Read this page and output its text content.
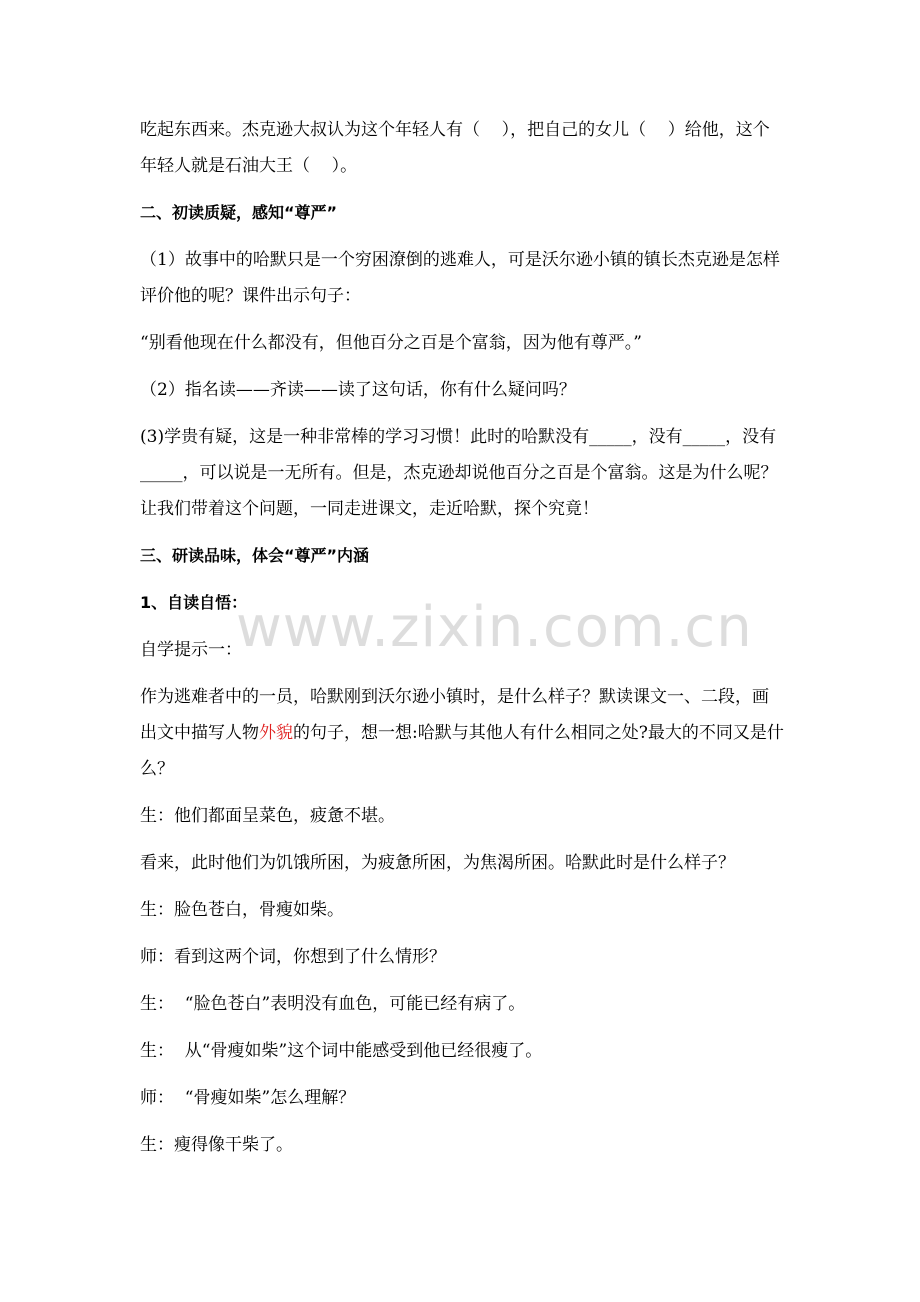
吃起东西来。杰克逊大叔认为这个年轻人有（    ），把自己的女儿（    ）给他，这个年轻人就是石油大王（    ）。

二、初读质疑，感知“尊严”

（1）故事中的哈默只是一个穷困潦倒的逃难人，可是沃尔逊小镇的镇长杰克逊是怎样评价他的呢？课件出示句子：

“别看他现在什么都没有，但他百分之百是个富翁，因为他有尊严。”

（2）指名读——齐读——读了这句话，你有什么疑问吗？

(3)学贵有疑，这是一种非常棒的学习习惯！此时的哈默没有_____，没有_____，没有_____，可以说是一无所有。但是，杰克逊却说他百分之百是个富翁。这是为什么呢？让我们带着这个问题，一同走进课文，走近哈默，探个究竟！

三、研读品味，体会“尊严”内涵

1、自读自悟：

自学提示一：

作为逃难者中的一员，哈默刚到沃尔逊小镇时，是什么样子？默读课文一、二段，画出文中描写人物外貌的句子，想一想:哈默与其他人有什么相同之处?最大的不同又是什么？

生：他们都面呈菜色，疲惫不堪。

看来，此时他们为饥饿所困，为疲惫所困，为焦渴所困。哈默此时是什么样子？

生：脸色苍白，骨瘦如柴。

师：看到这两个词，你想到了什么情形？

生：  “脸色苍白”表明没有血色，可能已经有病了。

生：  从“骨瘦如柴”这个词中能感受到他已经很瘦了。

师：  “骨瘦如柴”怎么理解？

生：瘦得像干柴了。

www.zixin.com.cn
